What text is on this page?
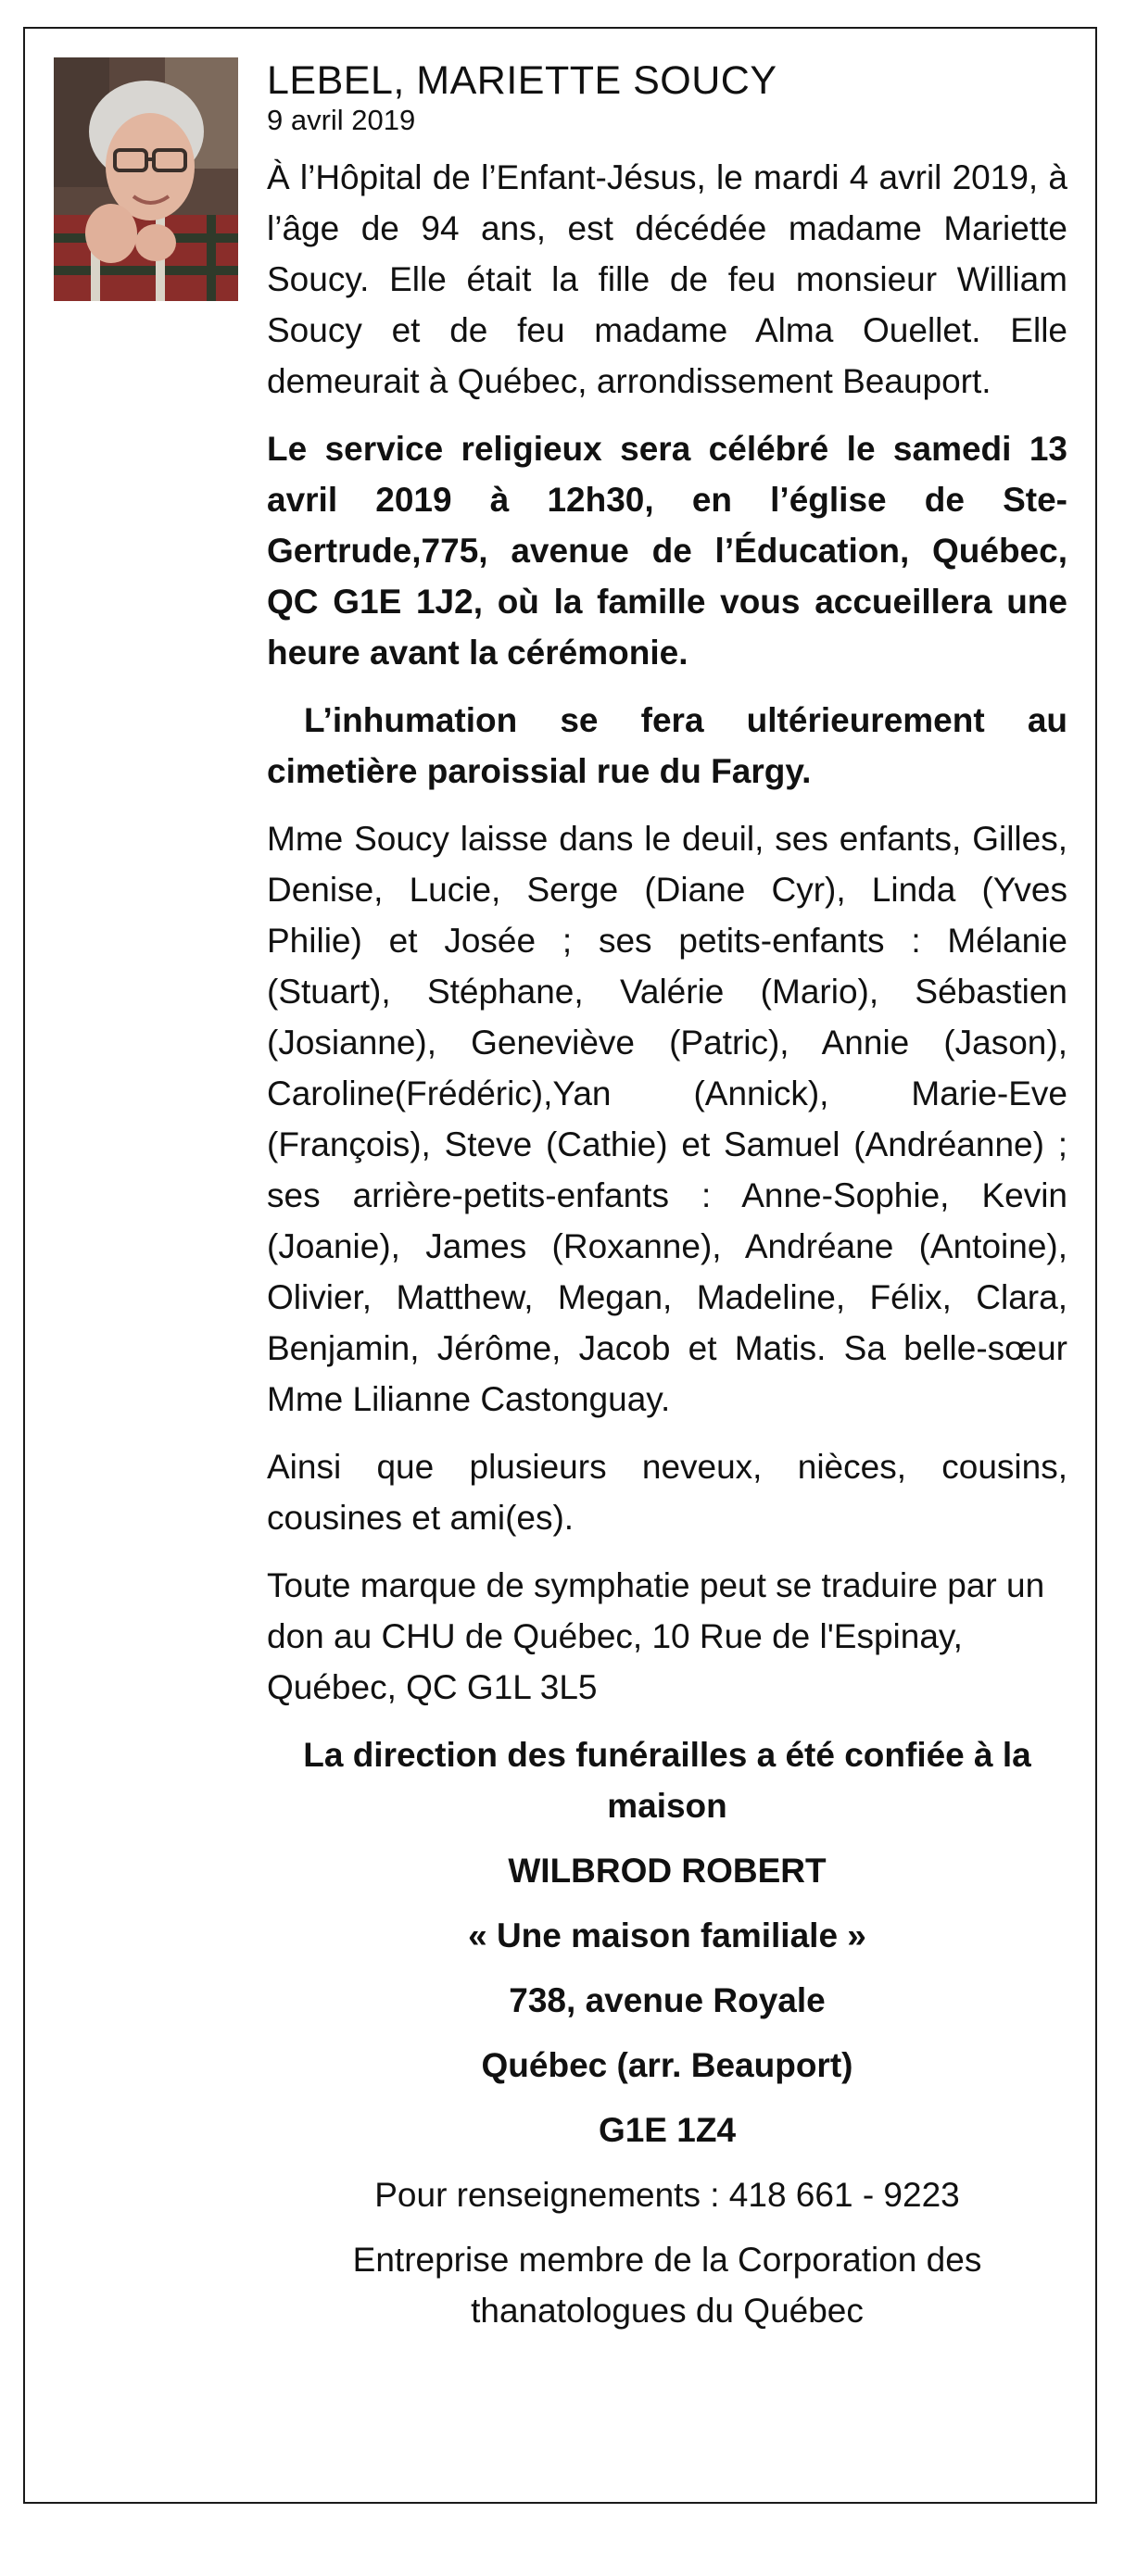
LEBEL, MARIETTE SOUCY

9 avril 2019

À l’Hôpital de l’Enfant-Jésus, le mardi 4 avril 2019, à l’âge de 94 ans, est décédée madame Mariette Soucy. Elle était la fille de feu monsieur William Soucy et de feu madame Alma Ouellet. Elle demeurait à Québec, arrondissement Beauport.

Le service religieux sera célébré le samedi 13 avril 2019 à 12h30, en l’église de Ste-Gertrude,775, avenue de l’Éducation, Québec, QC G1E 1J2, où la famille vous accueillera une heure avant la cérémonie.

L’inhumation se fera ultérieurement au cimetière paroissial rue du Fargy.

Mme Soucy laisse dans le deuil, ses enfants, Gilles, Denise, Lucie, Serge (Diane Cyr), Linda (Yves Philie) et Josée ; ses petits-enfants : Mélanie (Stuart), Stéphane, Valérie (Mario), Sébastien (Josianne), Geneviève (Patric), Annie (Jason), Caroline(Frédéric),Yan (Annick), Marie-Eve (François), Steve (Cathie) et Samuel (Andréanne) ; ses arrière-petits-enfants : Anne-Sophie, Kevin (Joanie), James (Roxanne), Andréane (Antoine), Olivier, Matthew, Megan, Madeline, Félix, Clara, Benjamin, Jérôme, Jacob et Matis. Sa belle-sœur Mme Lilianne Castonguay.

Ainsi que plusieurs neveux, nièces, cousins, cousines et ami(es).

Toute marque de symphatie peut se traduire par un don au CHU de Québec, 10 Rue de l'Espinay, Québec, QC G1L 3L5

La direction des funérailles a été confiée à la maison

WILBROD ROBERT

« Une maison familiale »

738, avenue Royale

Québec (arr. Beauport)

G1E 1Z4

Pour renseignements : 418 661 - 9223

Entreprise membre de la Corporation des thanatologues du Québec
